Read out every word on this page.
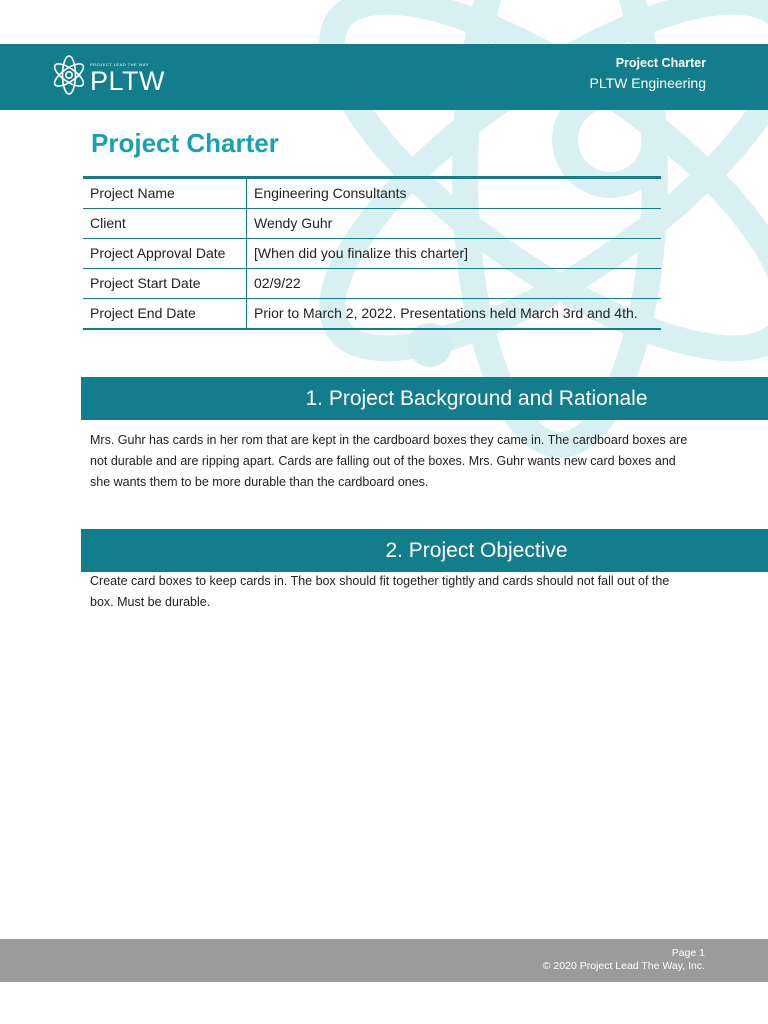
PROJECT LEAD THE WAY
PLTW
Project Charter
PLTW Engineering
Project Charter
Project Name	Engineering Consultants
Client	Wendy Guhr
Project Approval Date	[When did you finalize this charter]
Project Start Date	02/9/22
Project End Date	Prior to March 2, 2022. Presentations held March 3rd and 4th.
1. Project Background and Rationale

Mrs. Guhr has cards in her rom that are kept in the cardboard boxes they came in. The cardboard boxes are not durable and are ripping apart. Cards are falling out of the boxes. Mrs. Guhr wants new card boxes and she wants them to be more durable than the cardboard ones.

2. Project Objective

Create card boxes to keep cards in. The box should fit together tightly and cards should not fall out of the box. Must be durable.

Page 1
© 2020 Project Lead The Way, Inc.
